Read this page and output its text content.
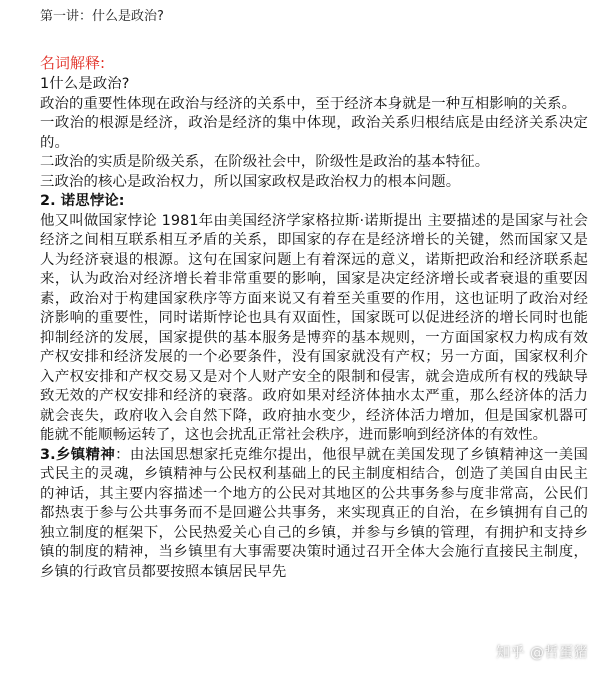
第一讲：什么是政治?
名词解释:

1什么是政治?

政治的重要性体现在政治与经济的关系中，至于经济本身就是一种互相影响的关系。

一政治的根源是经济，政治是经济的集中体现，政治关系归根结底是由经济关系决定的。

二政治的实质是阶级关系，在阶级社会中，阶级性是政治的基本特征。

三政治的核心是政治权力，所以国家政权是政治权力的根本问题。

2. 诺思悖论:

他又叫做国家悖论 1981年由美国经济学家格拉斯·诺斯提出 主要描述的是国家与社会经济之间相互联系相互矛盾的关系，即国家的存在是经济增长的关键，然而国家又是人为经济衰退的根源。这句在国家问题上有着深远的意义，诺斯把政治和经济联系起来，认为政治对经济增长着非常重要的影响，国家是决定经济增长或者衰退的重要因素，政治对于构建国家秩序等方面来说又有着至关重要的作用，这也证明了政治对经济影响的重要性，同时诺斯悖论也具有双面性，国家既可以促进经济的增长同时也能抑制经济的发展，国家提供的基本服务是博弈的基本规则，一方面国家权力构成有效产权安排和经济发展的一个必要条件，没有国家就没有产权；另一方面，国家权利介入产权安排和产权交易又是对个人财产安全的限制和侵害，就会造成所有权的残缺导致无效的产权安排和经济的衰落。政府如果对经济体抽水太严重，那么经济体的活力就会丧失，政府收入会自然下降，政府抽水变少，经济体活力增加，但是国家机器可能就不能顺畅运转了，这也会扰乱正常社会秩序，进而影响到经济体的有效性。

3.乡镇精神：由法国思想家托克维尔提出，他很早就在美国发现了乡镇精神这一美国式民主的灵魂，乡镇精神与公民权利基础上的民主制度相结合，创造了美国自由民主的神话，其主要内容描述一个地方的公民对其地区的公共事务参与度非常高，公民们都热衷于参与公共事务而不是回避公共事务，来实现真正的自治，在乡镇拥有自己的独立制度的框架下，公民热爱关心自己的乡镇，并参与乡镇的管理，有拥护和支持乡镇的制度的精神，当乡镇里有大事需要决策时通过召开全体大会施行直接民主制度，乡镇的行政官员都要按照本镇居民早先

知乎 @哲蛋猪
